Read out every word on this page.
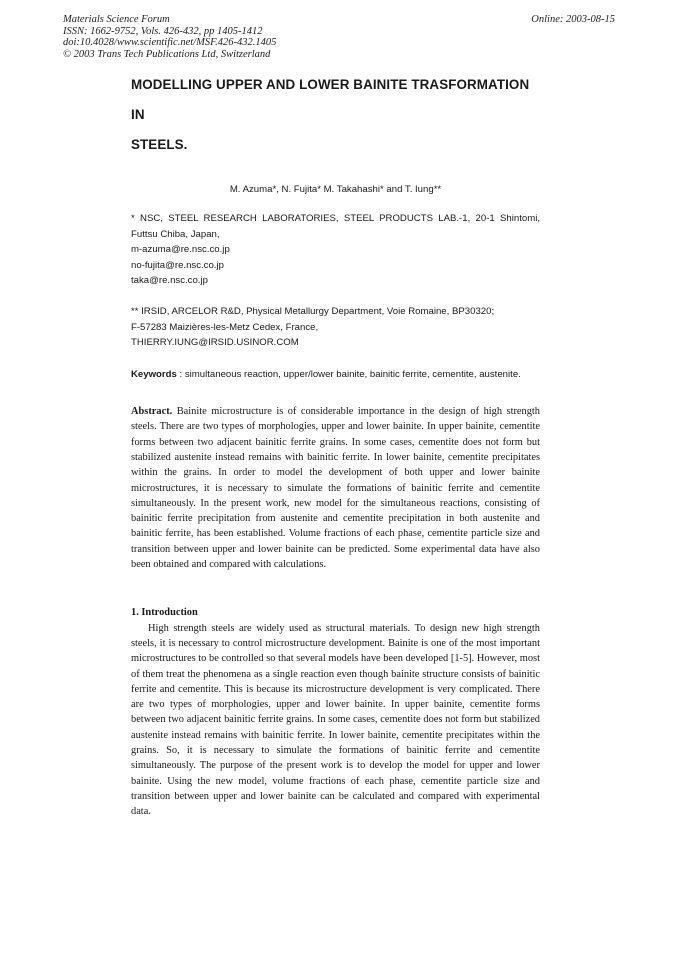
Materials Science Forum
ISSN: 1662-9752, Vols. 426-432, pp 1405-1412
doi:10.4028/www.scientific.net/MSF.426-432.1405
© 2003 Trans Tech Publications Ltd, Switzerland
Online: 2003-08-15
MODELLING UPPER AND LOWER BAINITE TRASFORMATION IN
STEELS.
M. Azuma*, N. Fujita* M. Takahashi* and T. Iung**
* NSC, STEEL RESEARCH LABORATORIES, STEEL PRODUCTS LAB.-1, 20-1 Shintomi, Futtsu Chiba, Japan,
m-azuma@re.nsc.co.jp
no-fujita@re.nsc.co.jp
taka@re.nsc.co.jp
** IRSID, ARCELOR R&D, Physical Metallurgy Department, Voie Romaine, BP30320;
F-57283 Maizières-les-Metz Cedex, France,
THIERRY.IUNG@IRSID.USINOR.COM
Keywords : simultaneous reaction, upper/lower bainite, bainitic ferrite, cementite, austenite.
Abstract. Bainite microstructure is of considerable importance in the design of high strength steels. There are two types of morphologies, upper and lower bainite. In upper bainite, cementite forms between two adjacent bainitic ferrite grains. In some cases, cementite does not form but stabilized austenite instead remains with bainitic ferrite. In lower bainite, cementite precipitates within the grains. In order to model the development of both upper and lower bainite microstructures, it is necessary to simulate the formations of bainitic ferrite and cementite simultaneously. In the present work, new model for the simultaneous reactions, consisting of bainitic ferrite precipitation from austenite and cementite precipitation in both austenite and bainitic ferrite, has been established. Volume fractions of each phase, cementite particle size and transition between upper and lower bainite can be predicted. Some experimental data have also been obtained and compared with calculations.
1. Introduction
High strength steels are widely used as structural materials. To design new high strength steels, it is necessary to control microstructure development. Bainite is one of the most important microstructures to be controlled so that several models have been developed [1-5]. However, most of them treat the phenomena as a single reaction even though bainite structure consists of bainitic ferrite and cementite. This is because its microstructure development is very complicated. There are two types of morphologies, upper and lower bainite. In upper bainite, cementite forms between two adjacent bainitic ferrite grains. In some cases, cementite does not form but stabilized austenite instead remains with bainitic ferrite. In lower bainite, cementite precipitates within the grains. So, it is necessary to simulate the formations of bainitic ferrite and cementite simultaneously. The purpose of the present work is to develop the model for upper and lower bainite. Using the new model, volume fractions of each phase, cementite particle size and transition between upper and lower bainite can be calculated and compared with experimental data.
